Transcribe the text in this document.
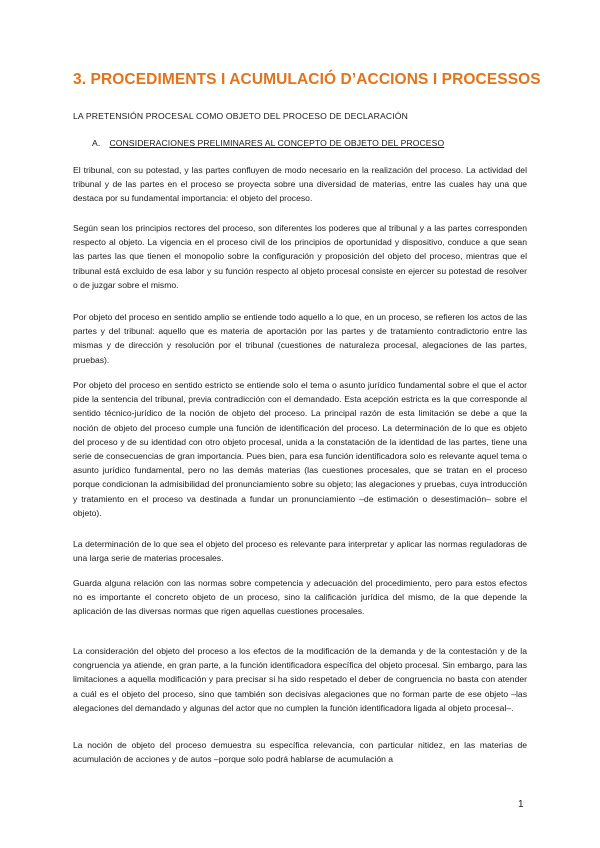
3. PROCEDIMENTS I ACUMULACIÓ D’ACCIONS I PROCESSOS
LA PRETENSIÓN PROCESAL COMO OBJETO DEL PROCESO DE DECLARACIÓN
A. CONSIDERACIONES PRELIMINARES AL CONCEPTO DE OBJETO DEL PROCESO

El tribunal, con su potestad, y las partes confluyen de modo necesario en la realización del proceso. La actividad del tribunal y de las partes en el proceso se proyecta sobre una diversidad de materias, entre las cuales hay una que destaca por su fundamental importancia: el objeto del proceso.

Según sean los principios rectores del proceso, son diferentes los poderes que al tribunal y a las partes corresponden respecto al objeto. La vigencia en el proceso civil de los principios de oportunidad y dispositivo, conduce a que sean las partes las que tienen el monopolio sobre la configuración y proposición del objeto del proceso, mientras que el tribunal está excluido de esa labor y su función respecto al objeto procesal consiste en ejercer su potestad de resolver o de juzgar sobre el mismo.

Por objeto del proceso en sentido amplio se entiende todo aquello a lo que, en un proceso, se refieren los actos de las partes y del tribunal: aquello que es materia de aportación por las partes y de tratamiento contradictorio entre las mismas y de dirección y resolución por el tribunal (cuestiones de naturaleza procesal, alegaciones de las partes, pruebas).

Por objeto del proceso en sentido estricto se entiende solo el tema o asunto jurídico fundamental sobre el que el actor pide la sentencia del tribunal, previa contradicción con el demandado. Esta acepción estricta es la que corresponde al sentido técnico-jurídico de la noción de objeto del proceso. La principal razón de esta limitación se debe a que la noción de objeto del proceso cumple una función de identificación del proceso. La determinación de lo que es objeto del proceso y de su identidad con otro objeto procesal, unida a la constatación de la identidad de las partes, tiene una serie de consecuencias de gran importancia. Pues bien, para esa función identificadora solo es relevante aquel tema o asunto jurídico fundamental, pero no las demás materias (las cuestiones procesales, que se tratan en el proceso porque condicionan la admisibilidad del pronunciamiento sobre su objeto; las alegaciones y pruebas, cuya introducción y tratamiento en el proceso va destinada a fundar un pronunciamiento –de estimación o desestimación– sobre el objeto).

La determinación de lo que sea el objeto del proceso es relevante para interpretar y aplicar las normas reguladoras de una larga serie de materias procesales.

Guarda alguna relación con las normas sobre competencia y adecuación del procedimiento, pero para estos efectos no es importante el concreto objeto de un proceso, sino la calificación jurídica del mismo, de la que depende la aplicación de las diversas normas que rigen aquellas cuestiones procesales.

La consideración del objeto del proceso a los efectos de la modificación de la demanda y de la contestación y de la congruencia ya atiende, en gran parte, a la función identificadora específica del objeto procesal. Sin embargo, para las limitaciones a aquella modificación y para precisar si ha sido respetado el deber de congruencia no basta con atender a cuál es el objeto del proceso, sino que también son decisivas alegaciones que no forman parte de ese objeto –las alegaciones del demandado y algunas del actor que no cumplen la función identificadora ligada al objeto procesal–.

La noción de objeto del proceso demuestra su específica relevancia, con particular nitidez, en las materias de acumulación de acciones y de autos –porque solo podrá hablarse de acumulación a

1
